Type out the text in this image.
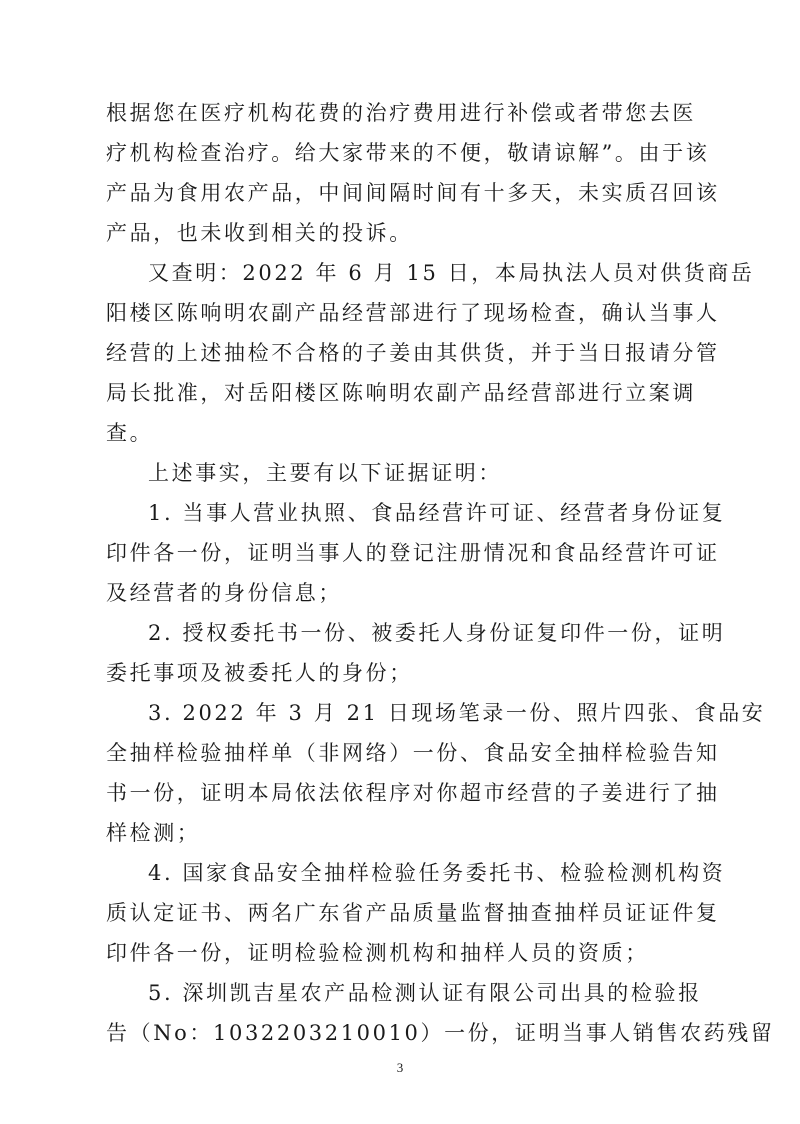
根据您在医疗机构花费的治疗费用进行补偿或者带您去医
疗机构检查治疗。给大家带来的不便，敬请谅解”。由于该
产品为食用农产品，中间间隔时间有十多天，未实质召回该
产品，也未收到相关的投诉。
又查明：2022 年 6 月 15 日，本局执法人员对供货商岳
阳楼区陈响明农副产品经营部进行了现场检查，确认当事人
经营的上述抽检不合格的子姜由其供货，并于当日报请分管
局长批准，对岳阳楼区陈响明农副产品经营部进行立案调
查。
上述事实，主要有以下证据证明：
1. 当事人营业执照、食品经营许可证、经营者身份证复
印件各一份，证明当事人的登记注册情况和食品经营许可证
及经营者的身份信息；
2. 授权委托书一份、被委托人身份证复印件一份，证明
委托事项及被委托人的身份；
3. 2022 年 3 月 21 日现场笔录一份、照片四张、食品安
全抽样检验抽样单（非网络）一份、食品安全抽样检验告知
书一份，证明本局依法依程序对你超市经营的子姜进行了抽
样检测；
4. 国家食品安全抽样检验任务委托书、检验检测机构资
质认定证书、两名广东省产品质量监督抽查抽样员证证件复
印件各一份，证明检验检测机构和抽样人员的资质；
5. 深圳凯吉星农产品检测认证有限公司出具的检验报
告（No：1032203210010）一份，证明当事人销售农药残留
3
